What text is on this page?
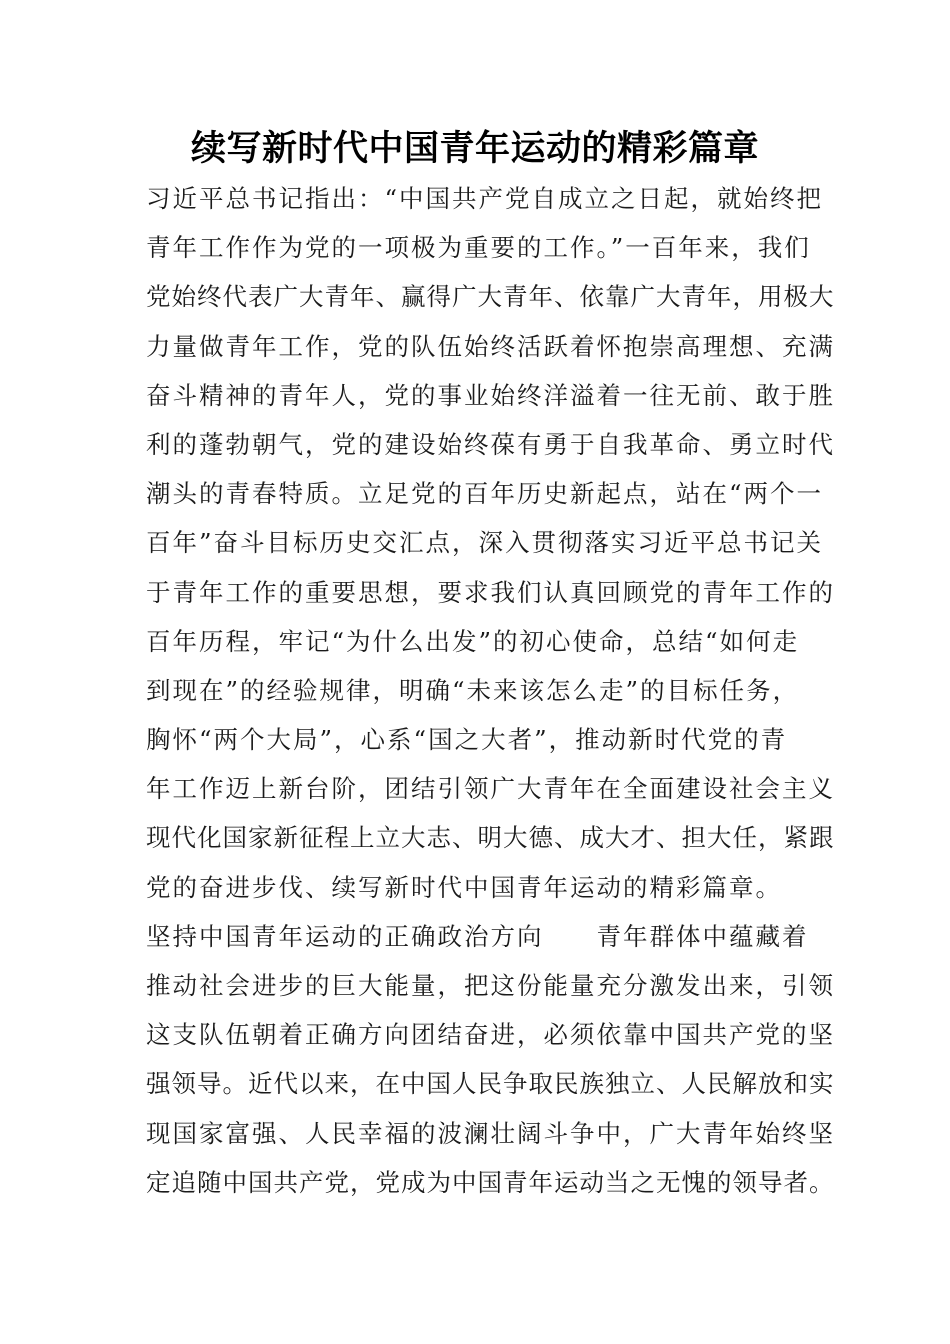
续写新时代中国青年运动的精彩篇章
习近平总书记指出：“中国共产党自成立之日起，就始终把
青年工作作为党的一项极为重要的工作。”一百年来，我们
党始终代表广大青年、赢得广大青年、依靠广大青年，用极大
力量做青年工作，党的队伍始终活跃着怀抱崇高理想、充满
奋斗精神的青年人，党的事业始终洋溢着一往无前、敢于胜
利的蓬勃朝气，党的建设始终葆有勇于自我革命、勇立时代
潮头的青春特质。立足党的百年历史新起点，站在“两个一
百年”奋斗目标历史交汇点，深入贯彻落实习近平总书记关
于青年工作的重要思想，要求我们认真回顾党的青年工作的
百年历程，牢记“为什么出发”的初心使命，总结“如何走
到现在”的经验规律，明确“未来该怎么走”的目标任务，
胸怀“两个大局”，心系“国之大者”，推动新时代党的青
年工作迈上新台阶，团结引领广大青年在全面建设社会主义
现代化国家新征程上立大志、明大德、成大才、担大任，紧跟
党的奋进步伐、续写新时代中国青年运动的精彩篇章。
坚持中国青年运动的正确政治方向　　青年群体中蕴藏着
推动社会进步的巨大能量，把这份能量充分激发出来，引领
这支队伍朝着正确方向团结奋进，必须依靠中国共产党的坚
强领导。近代以来，在中国人民争取民族独立、人民解放和实
现国家富强、人民幸福的波澜壮阔斗争中，广大青年始终坚
定追随中国共产党，党成为中国青年运动当之无愧的领导者。
